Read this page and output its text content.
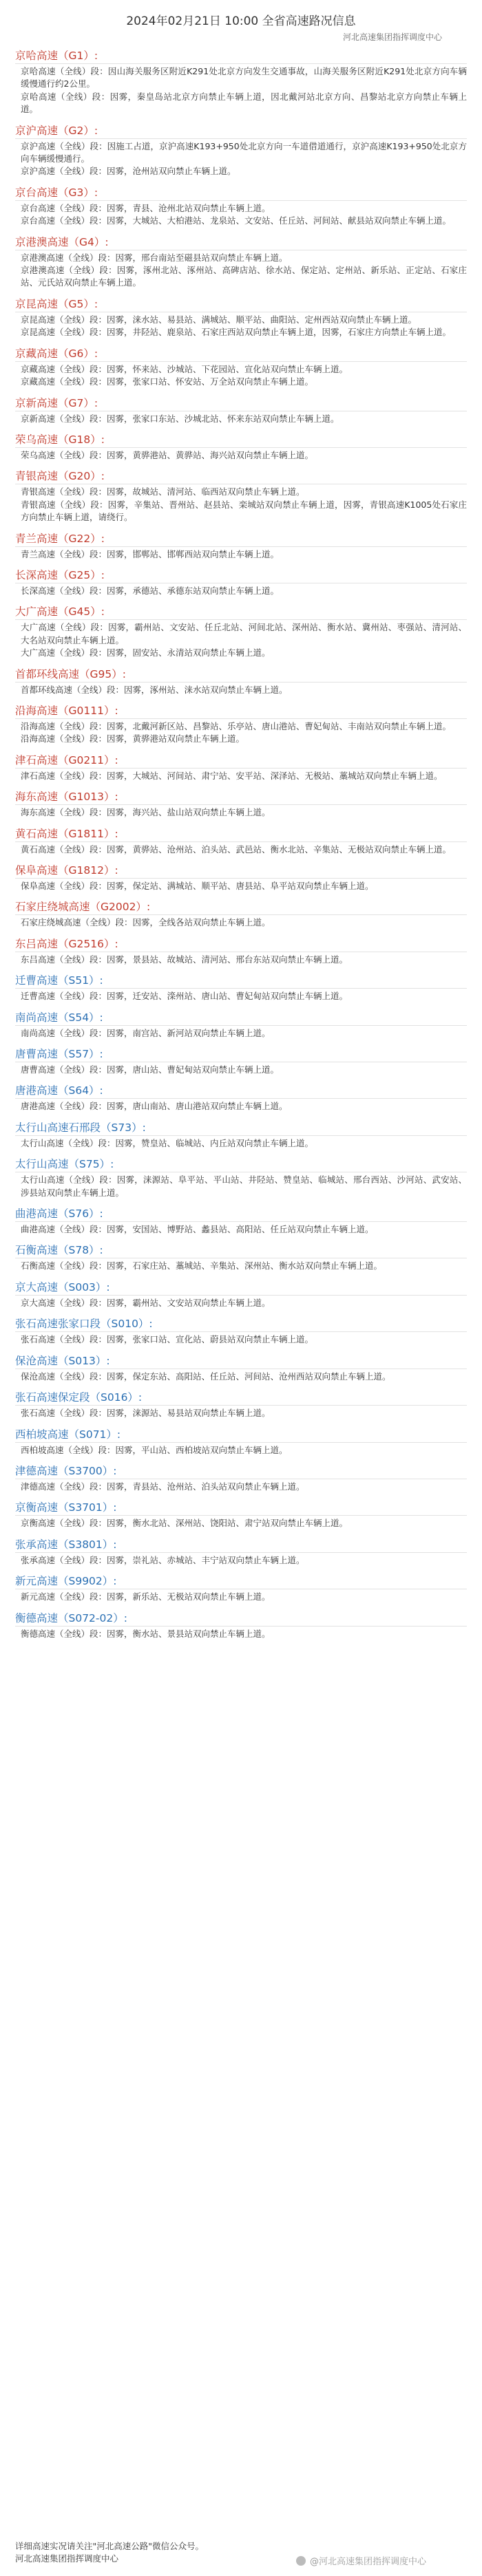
2024年02月21日 10:00 全省高速路况信息
河北高速集团指挥调度中心
京哈高速（G1）:
京哈高速（全线）段：因山海关服务区附近K291处北京方向发生交通事故，山海关服务区附近K291处北京方向车辆缓慢通行约2公里。
京哈高速（全线）段：因雾，秦皇岛站北京方向禁止车辆上道，因北戴河站北京方向、昌黎站北京方向禁止车辆上道。
京沪高速（G2）:
京沪高速（全线）段：因施工占道，京沪高速K193+950处北京方向一车道借道通行，京沪高速K193+950处北京方向车辆缓慢通行。
京沪高速（全线）段：因雾，沧州站双向禁止车辆上道。
京台高速（G3）:
京台高速（全线）段：因雾，青县、沧州北站双向禁止车辆上道。
京台高速（全线）段：因雾，大城站、大柏港站、龙泉站、文安站、任丘站、河间站、献县站双向禁止车辆上道。
京港澳高速（G4）:
京港澳高速（全线）段：因雾，邢台南站至磁县站双向禁止车辆上道。
京港澳高速（全线）段：因雾，涿州北站、涿州站、高碑店站、徐水站、保定站、定州站、新乐站、正定站、石家庄站、元氏站双向禁止车辆上道。
京昆高速（G5）:
京昆高速（全线）段：因雾，涞水站、易县站、满城站、顺平站、曲阳站、定州西站双向禁止车辆上道。
京昆高速（全线）段：因雾，井陉站、鹿泉站、石家庄西站双向禁止车辆上道，因雾，石家庄方向禁止车辆上道。
京藏高速（G6）:
京藏高速（全线）段：因雾，怀来站、沙城站、下花园站、宣化站双向禁止车辆上道。
京藏高速（全线）段：因雾，张家口站、怀安站、万全站双向禁止车辆上道。
京新高速（G7）:
京新高速（全线）段：因雾，张家口东站、沙城北站、怀来东站双向禁止车辆上道。
荣乌高速（G18）:
荣乌高速（全线）段：因雾，黄骅港站、黄骅站、海兴站双向禁止车辆上道。
青银高速（G20）:
青银高速（全线）段：因雾，故城站、清河站、临西站双向禁止车辆上道。
青银高速（全线）段：因雾，辛集站、晋州站、赵县站、栾城站双向禁止车辆上道，因雾，青银高速K1005处石家庄方向禁止车辆上道，请绕行。
青兰高速（G22）:
青兰高速（全线）段：因雾，邯郸站、邯郸西站双向禁止车辆上道。
长深高速（G25）:
长深高速（全线）段：因雾，承德站、承德东站双向禁止车辆上道。
大广高速（G45）:
大广高速（全线）段：因雾，霸州站、文安站、任丘北站、河间北站、深州站、衡水站、冀州站、枣强站、清河站、大名站双向禁止车辆上道。
大广高速（全线）段：因雾，固安站、永清站双向禁止车辆上道。
首都环线高速（G95）:
首都环线高速（全线）段：因雾，涿州站、涞水站双向禁止车辆上道。
沿海高速（G0111）:
沿海高速（全线）段：因雾，北戴河新区站、昌黎站、乐亭站、唐山港站、曹妃甸站、丰南站双向禁止车辆上道。
沿海高速（全线）段：因雾，黄骅港站双向禁止车辆上道。
津石高速（G0211）:
津石高速（全线）段：因雾，大城站、河间站、肃宁站、安平站、深泽站、无极站、藁城站双向禁止车辆上道。
海东高速（G1013）:
海东高速（全线）段：因雾，海兴站、盐山站双向禁止车辆上道。
黄石高速（G1811）:
黄石高速（全线）段：因雾，黄骅站、沧州站、泊头站、武邑站、衡水北站、辛集站、无极站双向禁止车辆上道。
保阜高速（G1812）:
保阜高速（全线）段：因雾，保定站、满城站、顺平站、唐县站、阜平站双向禁止车辆上道。
石家庄绕城高速（G2002）:
石家庄绕城高速（全线）段：因雾，全线各站双向禁止车辆上道。
东吕高速（G2516）:
东吕高速（全线）段：因雾，景县站、故城站、清河站、邢台东站双向禁止车辆上道。
迁曹高速（S51）:
迁曹高速（全线）段：因雾，迁安站、滦州站、唐山站、曹妃甸站双向禁止车辆上道。
南尚高速（S54）:
南尚高速（全线）段：因雾，南宫站、新河站双向禁止车辆上道。
唐曹高速（S57）:
唐曹高速（全线）段：因雾，唐山站、曹妃甸站双向禁止车辆上道。
唐港高速（S64）:
唐港高速（全线）段：因雾，唐山南站、唐山港站双向禁止车辆上道。
太行山高速石邢段（S73）:
太行山高速（全线）段：因雾，赞皇站、临城站、内丘站双向禁止车辆上道。
太行山高速（S75）:
太行山高速（全线）段：因雾，涞源站、阜平站、平山站、井陉站、赞皇站、临城站、邢台西站、沙河站、武安站、涉县站双向禁止车辆上道。
曲港高速（S76）:
曲港高速（全线）段：因雾，安国站、博野站、蠡县站、高阳站、任丘站双向禁止车辆上道。
石衡高速（S78）:
石衡高速（全线）段：因雾，石家庄站、藁城站、辛集站、深州站、衡水站双向禁止车辆上道。
京大高速（S003）:
京大高速（全线）段：因雾，霸州站、文安站双向禁止车辆上道。
张石高速张家口段（S010）:
张石高速（全线）段：因雾，张家口站、宣化站、蔚县站双向禁止车辆上道。
保沧高速（S013）:
保沧高速（全线）段：因雾，保定东站、高阳站、任丘站、河间站、沧州西站双向禁止车辆上道。
张石高速保定段（S016）:
张石高速（全线）段：因雾，涞源站、易县站双向禁止车辆上道。
西柏坡高速（S071）:
西柏坡高速（全线）段：因雾，平山站、西柏坡站双向禁止车辆上道。
津德高速（S3700）:
津德高速（全线）段：因雾，青县站、沧州站、泊头站双向禁止车辆上道。
京衡高速（S3701）:
京衡高速（全线）段：因雾，衡水北站、深州站、饶阳站、肃宁站双向禁止车辆上道。
张承高速（S3801）:
张承高速（全线）段：因雾，崇礼站、赤城站、丰宁站双向禁止车辆上道。
新元高速（S9902）:
新元高速（全线）段：因雾，新乐站、无极站双向禁止车辆上道。
衡德高速（S072-02）:
衡德高速（全线）段：因雾，衡水站、景县站双向禁止车辆上道。
详细高速实况请关注"河北高速公路"微信公众号。
河北高速集团指挥调度中心	@河北高速集团指挥调度中心
